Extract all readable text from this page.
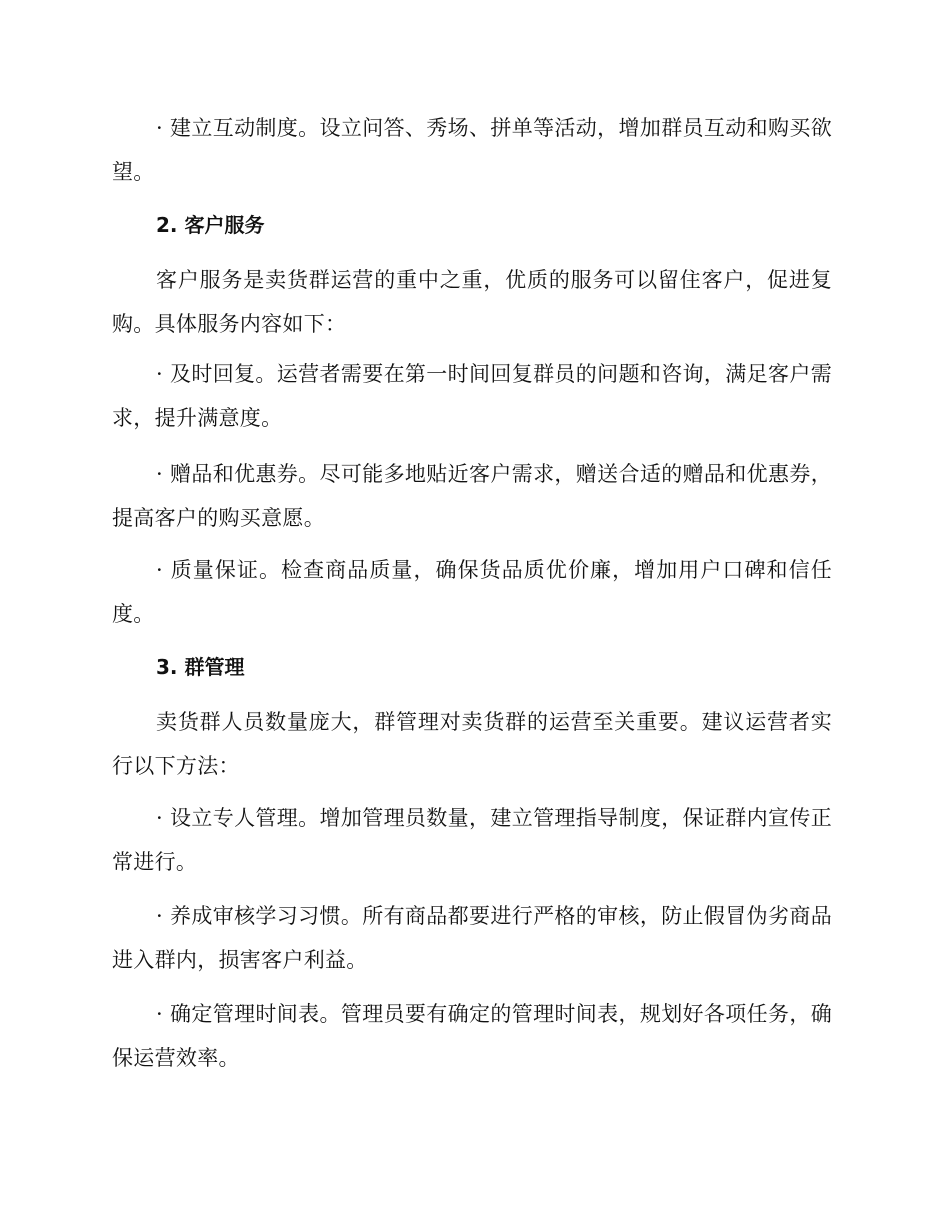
· 建立互动制度。设立问答、秀场、拼单等活动，增加群员互动和购买欲望。

2. 客户服务

客户服务是卖货群运营的重中之重，优质的服务可以留住客户，促进复购。具体服务内容如下：

· 及时回复。运营者需要在第一时间回复群员的问题和咨询，满足客户需求，提升满意度。

· 赠品和优惠券。尽可能多地贴近客户需求，赠送合适的赠品和优惠券，提高客户的购买意愿。

· 质量保证。检查商品质量，确保货品质优价廉，增加用户口碑和信任度。

3. 群管理

卖货群人员数量庞大，群管理对卖货群的运营至关重要。建议运营者实行以下方法：

· 设立专人管理。增加管理员数量，建立管理指导制度，保证群内宣传正常进行。

· 养成审核学习习惯。所有商品都要进行严格的审核，防止假冒伪劣商品进入群内，损害客户利益。

· 确定管理时间表。管理员要有确定的管理时间表，规划好各项任务，确保运营效率。
